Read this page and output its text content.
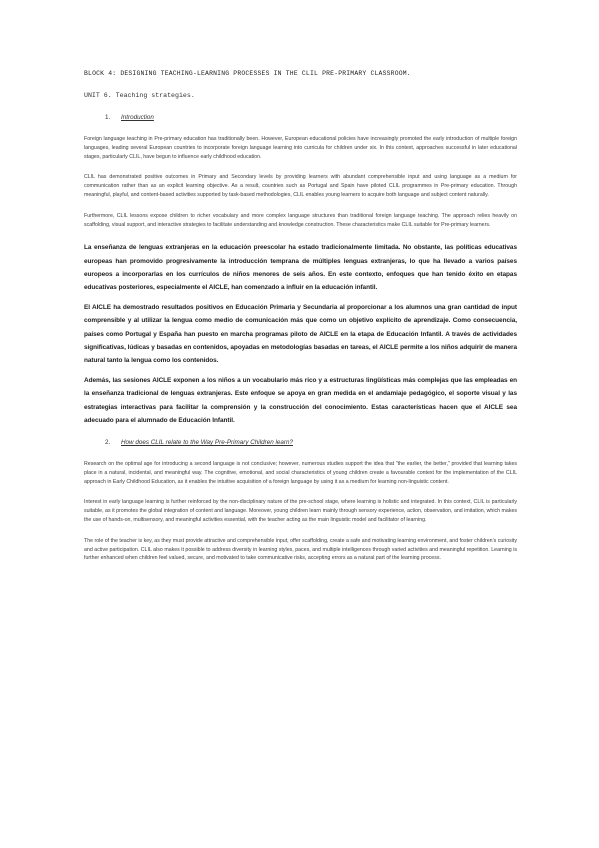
BLOCK 4: DESIGNING TEACHING-LEARNING PROCESSES IN THE CLIL PRE-PRIMARY CLASSROOM.
UNIT 6. Teaching strategies.
1.	Introduction

Foreign language teaching in Pre-primary education has traditionally been. However, European educational policies have increasingly promoted the early introduction of multiple foreign languages, leading several European countries to incorporate foreign language learning into curricula for children under six. In this context, approaches successful in later educational stages, particularly CLIL, have begun to influence early childhood education.

CLIL has demonstrated positive outcomes in Primary and Secondary levels by providing learners with abundant comprehensible input and using language as a medium for communication rather than as an explicit learning objective. As a result, countries such as Portugal and Spain have piloted CLIL programmes in Pre-primary education. Through meaningful, playful, and content-based activities supported by task-based methodologies, CLIL enables young learners to acquire both language and subject content naturally.

Furthermore, CLIL lessons expose children to richer vocabulary and more complex language structures than traditional foreign language teaching. The approach relies heavily on scaffolding, visual support, and interactive strategies to facilitate understanding and knowledge construction. These characteristics make CLIL suitable for Pre-primary learners.

La enseñanza de lenguas extranjeras en la educación preescolar ha estado tradicionalmente limitada. No obstante, las políticas educativas europeas han promovido progresivamente la introducción temprana de múltiples lenguas extranjeras, lo que ha llevado a varios países europeos a incorporarlas en los currículos de niños menores de seis años. En este contexto, enfoques que han tenido éxito en etapas educativas posteriores, especialmente el AICLE, han comenzado a influir en la educación infantil.

El AICLE ha demostrado resultados positivos en Educación Primaria y Secundaria al proporcionar a los alumnos una gran cantidad de input comprensible y al utilizar la lengua como medio de comunicación más que como un objetivo explícito de aprendizaje. Como consecuencia, países como Portugal y España han puesto en marcha programas piloto de AICLE en la etapa de Educación Infantil. A través de actividades significativas, lúdicas y basadas en contenidos, apoyadas en metodologías basadas en tareas, el AICLE permite a los niños adquirir de manera natural tanto la lengua como los contenidos.

Además, las sesiones AICLE exponen a los niños a un vocabulario más rico y a estructuras lingüísticas más complejas que las empleadas en la enseñanza tradicional de lenguas extranjeras. Este enfoque se apoya en gran medida en el andamiaje pedagógico, el soporte visual y las estrategias interactivas para facilitar la comprensión y la construcción del conocimiento. Estas características hacen que el AICLE sea adecuado para el alumnado de Educación Infantil.

2.	How does CLIL relate to the Way Pre-Primary Children learn?

Research on the optimal age for introducing a second language is not conclusive; however, numerous studies support the idea that “the earlier, the better,” provided that learning takes place in a natural, incidental, and meaningful way. The cognitive, emotional, and social characteristics of young children create a favourable context for the implementation of the CLIL approach in Early Childhood Education, as it enables the intuitive acquisition of a foreign language by using it as a medium for learning non-linguistic content.

Interest in early language learning is further reinforced by the non-disciplinary nature of the pre-school stage, where learning is holistic and integrated. In this context, CLIL is particularly suitable, as it promotes the global integration of content and language. Moreover, young children learn mainly through sensory experience, action, observation, and imitation, which makes the use of hands-on, multisensory, and meaningful activities essential, with the teacher acting as the main linguistic model and facilitator of learning.

The role of the teacher is key, as they must provide attractive and comprehensible input, offer scaffolding, create a safe and motivating learning environment, and foster children’s curiosity and active participation. CLIL also makes it possible to address diversity in learning styles, paces, and multiple intelligences through varied activities and meaningful repetition. Learning is further enhanced when children feel valued, secure, and motivated to take communicative risks, accepting errors as a natural part of the learning process.
